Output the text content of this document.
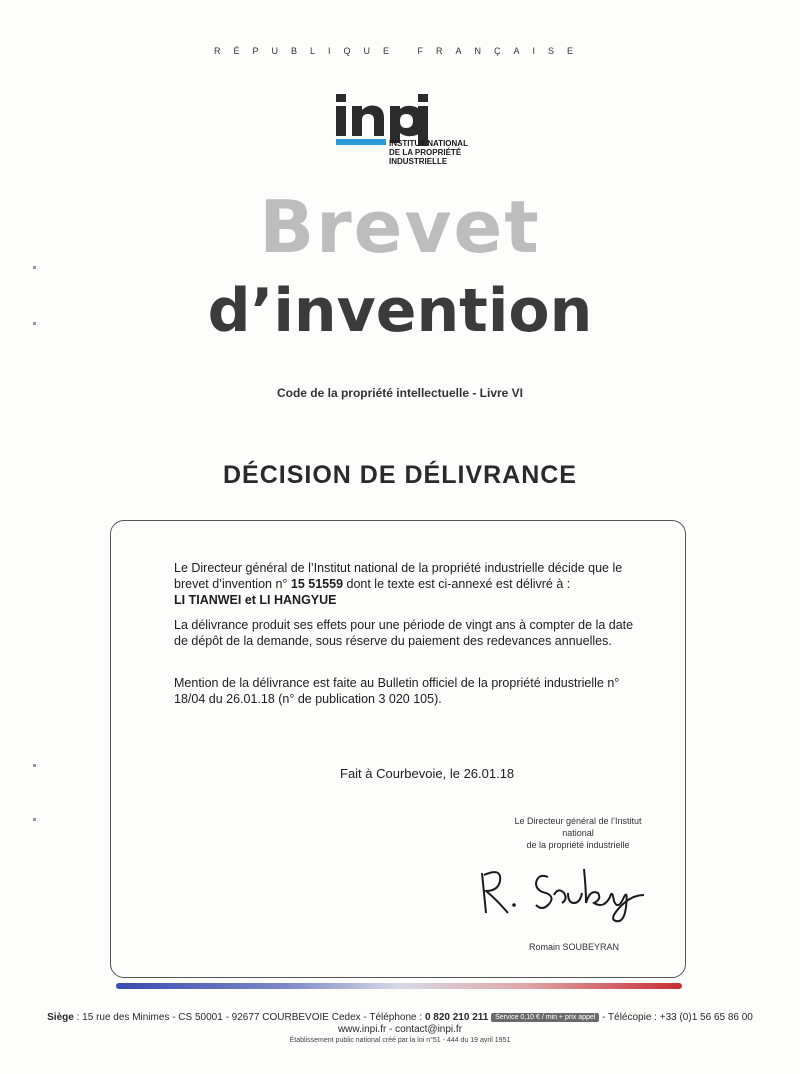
RÉPUBLIQUE FRANÇAISE
INSTITUT NATIONAL
DE LA PROPRIÉTÉ
INDUSTRIELLE
Brevet
d’invention
Code de la propriété intellectuelle - Livre VI
DÉCISION DE DÉLIVRANCE
Le Directeur général de l’Institut national de la propriété industrielle décide que le brevet d’invention n° 15 51559 dont le texte est ci-annexé est délivré à :
LI TIANWEI et LI HANGYUE
La délivrance produit ses effets pour une période de vingt ans à compter de la date de dépôt de la demande, sous réserve du paiement des redevances annuelles.
Mention de la délivrance est faite au Bulletin officiel de la propriété industrielle n° 18/04 du 26.01.18 (n° de publication 3 020 105).
Fait à Courbevoie, le 26.01.18
Le Directeur général de l’Institut national
de la propriété industrielle
Romain SOUBEYRAN
Siège : 15 rue des Minimes - CS 50001 - 92677 COURBEVOIE Cedex - Téléphone : 0 820 210 211 Service 0,10 € / min + prix appel - Télécopie : +33 (0)1 56 65 86 00
www.inpi.fr - contact@inpi.fr
Établissement public national créé par la loi n°51 - 444 du 19 avril 1951
